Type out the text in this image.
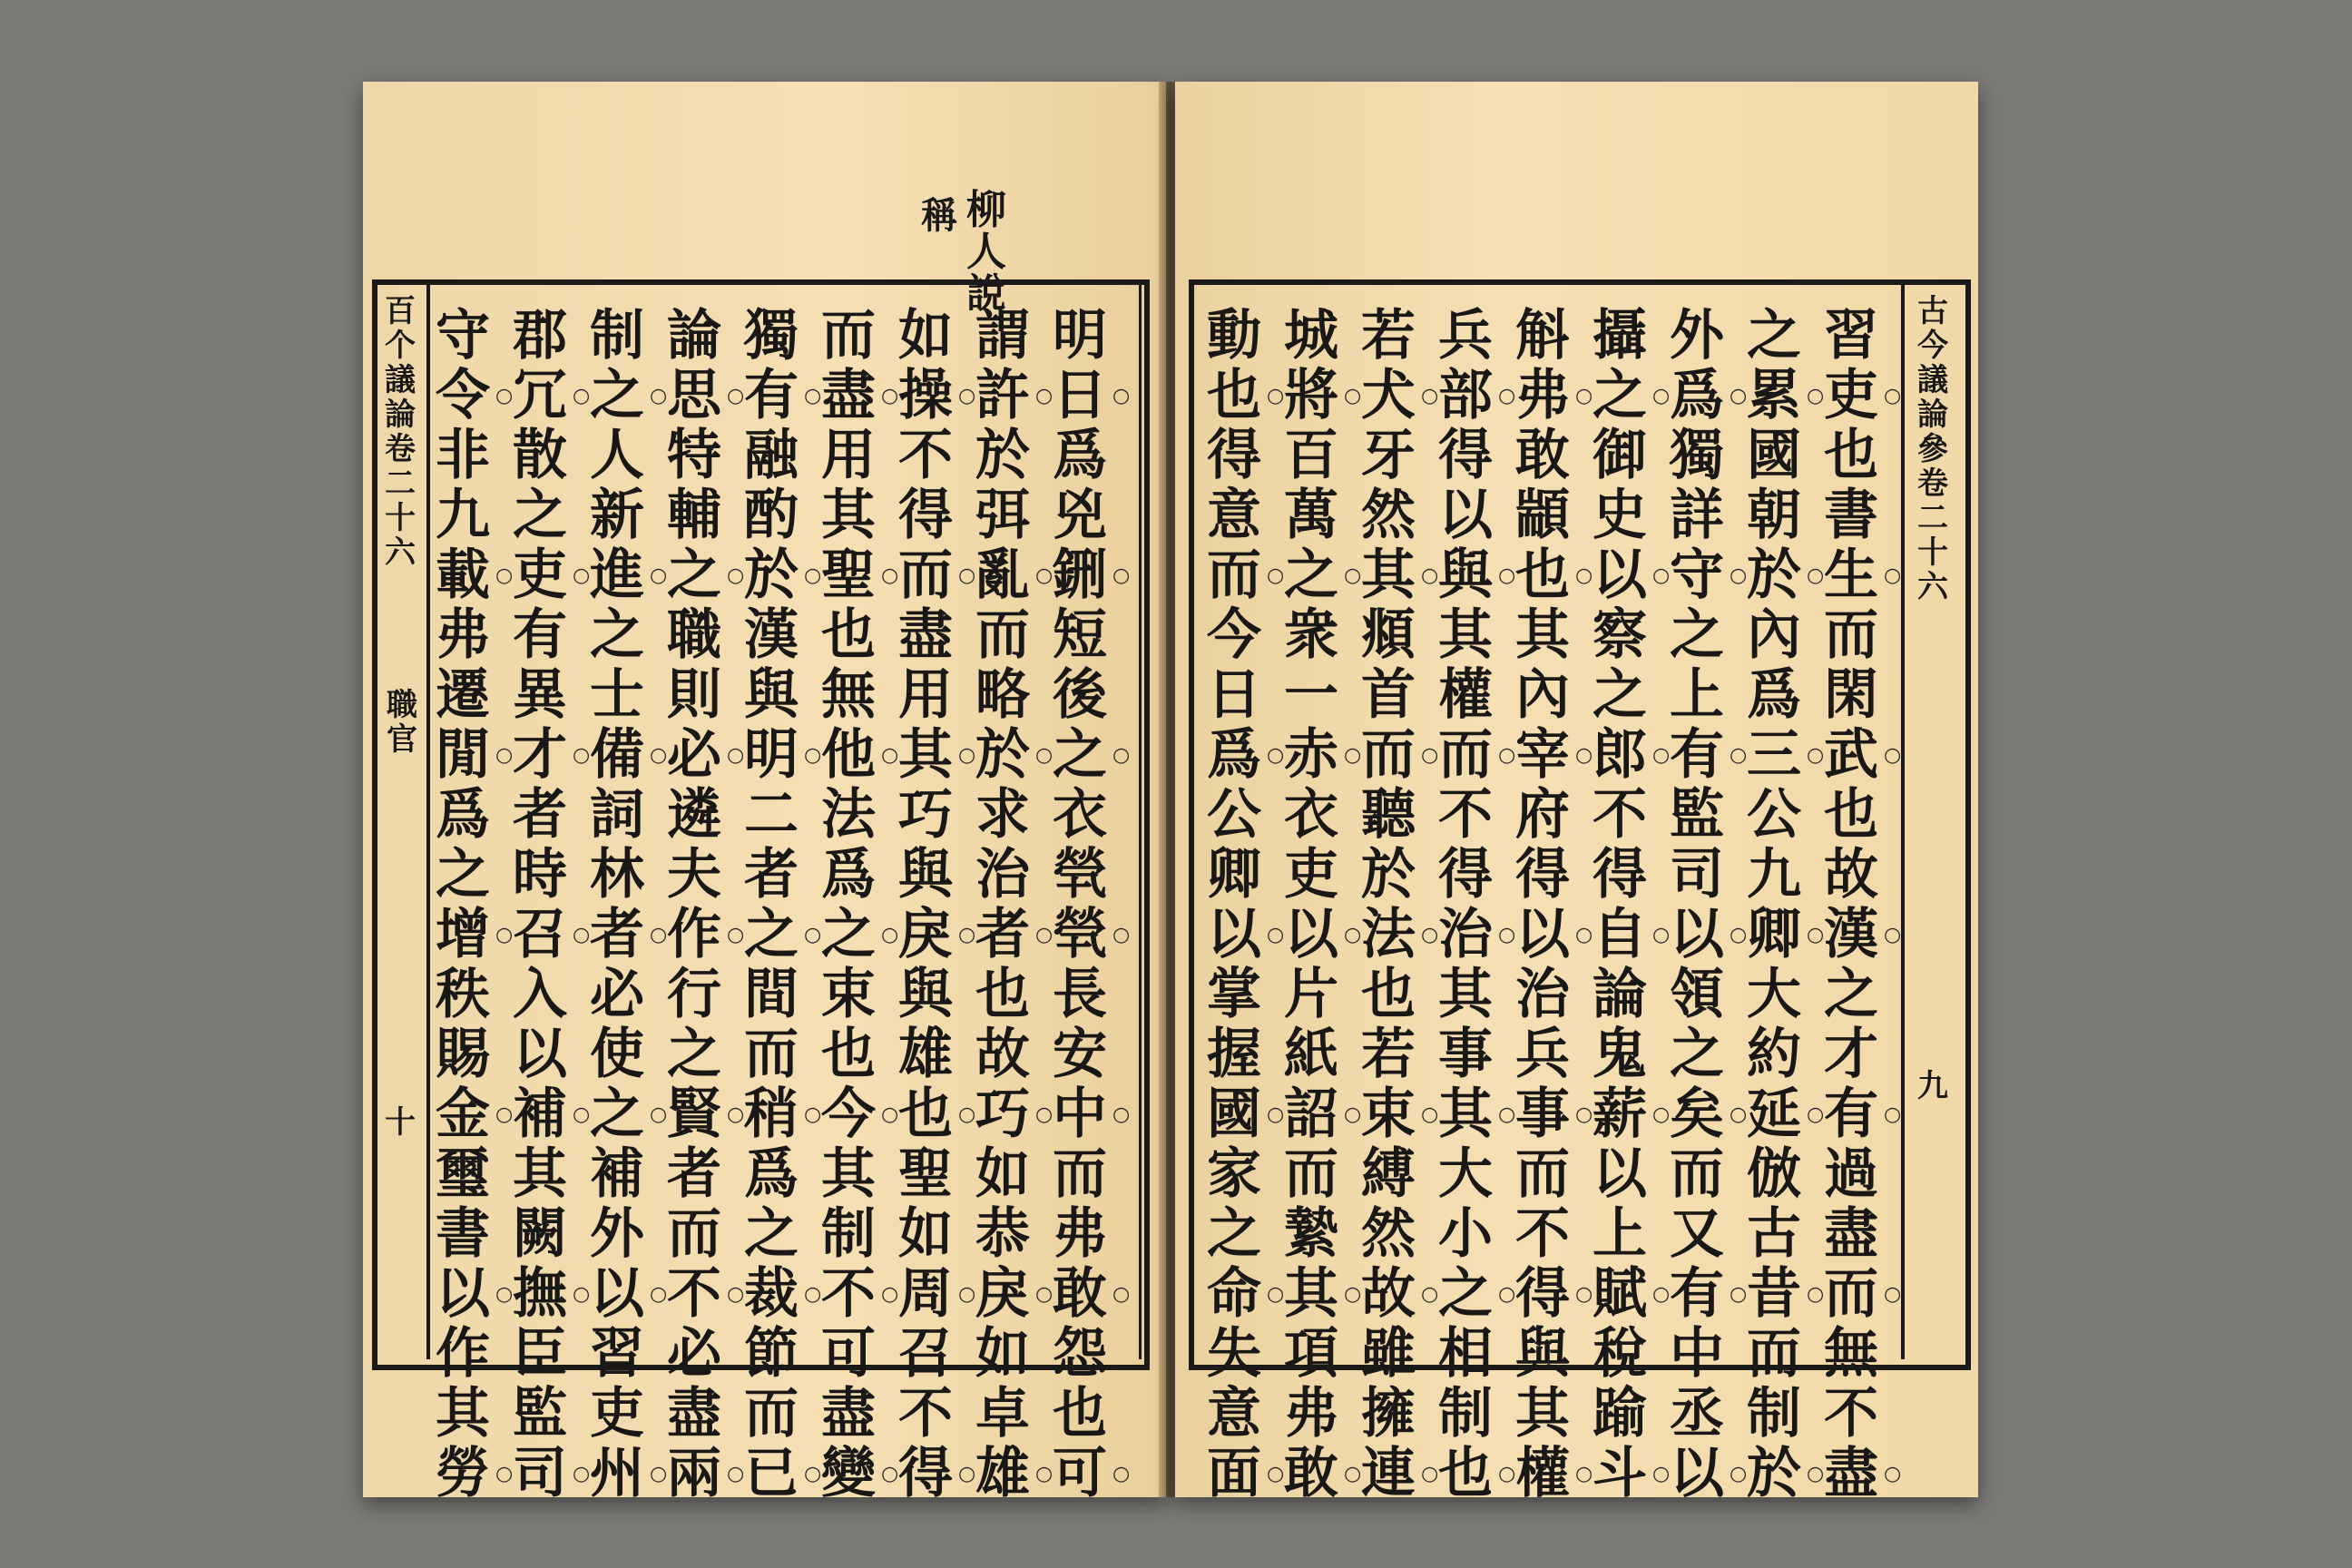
柳
人
說
稱
百
个
議
論
卷
二
十
六
職
官
十
明
日
爲
兇
鉶
短
後
之
衣
煢
煢
長
安
中
而
弗
敢
怨
也
可
○
○
○
○
○
○
○
謂
許
於
弭
亂
而
略
於
求
治
者
也
故
巧
如
恭
戾
如
卓
雄
○
○
○
○
○
○
○
如
操
不
得
而
盡
用
其
巧
與
戾
與
雄
也
聖
如
周
召
不
得
○
○
○
○
○
○
○
而
盡
用
其
聖
也
無
他
法
爲
之
束
也
今
其
制
不
可
盡
變
○
○
○
○
○
○
○
獨
有
融
酌
於
漢
與
明
二
者
之
間
而
稍
爲
之
裁
節
而
已
○
○
○
○
○
○
○
論
思
特
輔
之
職
則
必
遴
夫
作
行
之
賢
者
而
不
必
盡
兩
○
○
○
○
○
○
○
制
之
人
新
進
之
士
備
詞
林
者
必
使
之
補
外
以
習
吏
州
○
○
○
○
○
○
○
郡
冗
散
之
吏
有
異
才
者
時
召
入
以
補
其
闕
撫
臣
監
司
○
○
○
○
○
○
○
守
令
非
九
載
弗
遷
閒
爲
之
增
秩
賜
金
璽
書
以
作
其
勞
○
○
○
○
○
○
○
古
今
議
論
參
卷
二
十
六
九
習
吏
也
書
生
而
閑
武
也
故
漢
之
才
有
過
盡
而
無
不
盡
○
○
○
○
○
○
○
之
累
國
朝
於
內
爲
三
公
九
卿
大
約
延
倣
古
昔
而
制
於
○
○
○
○
○
○
○
外
爲
獨
詳
守
之
上
有
監
司
以
領
之
矣
而
又
有
中
丞
以
○
○
○
○
○
○
○
攝
之
御
史
以
察
之
郎
不
得
自
論
鬼
薪
以
上
賦
稅
踰
斗
○
○
○
○
○
○
○
斛
弗
敢
顓
也
其
內
宰
府
得
以
治
兵
事
而
不
得
與
其
權
○
○
○
○
○
○
○
兵
部
得
以
與
其
權
而
不
得
治
其
事
其
大
小
之
相
制
也
○
○
○
○
○
○
○
若
犬
牙
然
其
頫
首
而
聽
於
法
也
若
束
縛
然
故
雖
擁
連
○
○
○
○
○
○
○
城
將
百
萬
之
衆
一
赤
衣
吏
以
片
紙
詔
而
縶
其
項
弗
敢
○
○
○
○
○
○
○
動
也
得
意
而
今
日
爲
公
卿
以
掌
握
國
家
之
命
失
意
面
○
○
○
○
○
○
○
